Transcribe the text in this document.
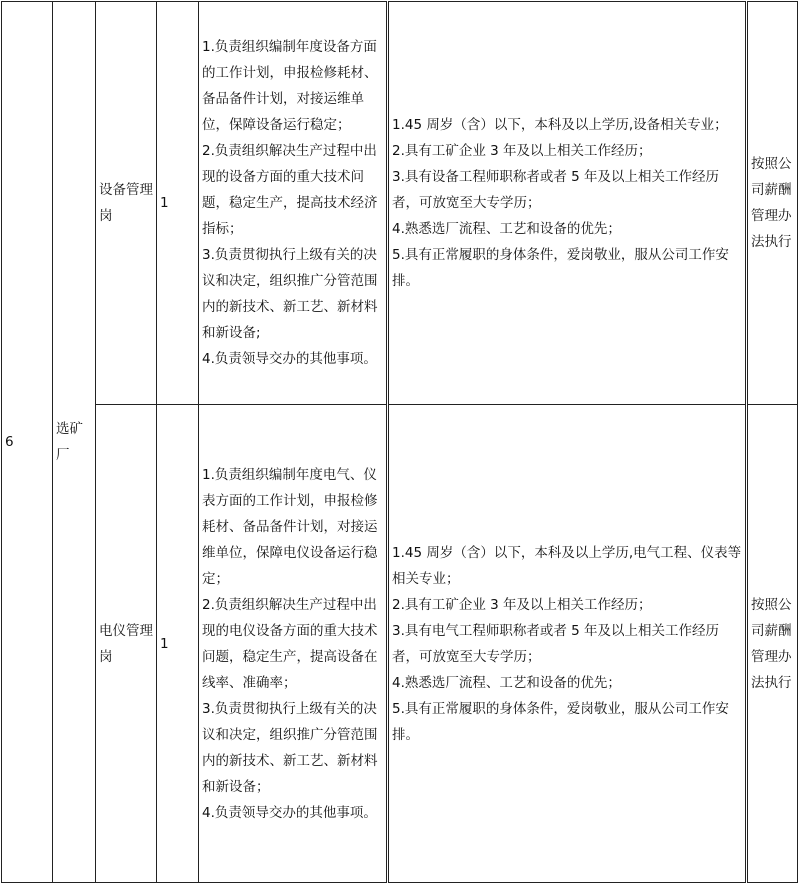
6	选矿厂	设备管理岗	1	1.负责组织编制年度设备方面的工作计划，申报检修耗材、备品备件计划，对接运维单位，保障设备运行稳定；
2.负责组织解决生产过程中出现的设备方面的重大技术问题，稳定生产，提高技术经济指标；
3.负责贯彻执行上级有关的决议和决定，组织推广分管范围内的新技术、新工艺、新材料和新设备;
4.负责领导交办的其他事项。	1.45 周岁（含）以下，本科及以上学历,设备相关专业；
2.具有工矿企业 3 年及以上相关工作经历；
3.具有设备工程师职称者或者 5 年及以上相关工作经历者，可放宽至大专学历；
4.熟悉选厂流程、工艺和设备的优先；
5.具有正常履职的身体条件，爱岗敬业，服从公司工作安排。	按照公司薪酬管理办法执行
		电仪管理岗	1	1.负责组织编制年度电气、仪表方面的工作计划，申报检修耗材、备品备件计划，对接运维单位，保障电仪设备运行稳定；
2.负责组织解决生产过程中出现的电仪设备方面的重大技术问题，稳定生产，提高设备在线率、准确率；
3.负责贯彻执行上级有关的决议和决定，组织推广分管范围内的新技术、新工艺、新材料和新设备；
4.负责领导交办的其他事项。	1.45 周岁（含）以下，本科及以上学历,电气工程、仪表等相关专业；
2.具有工矿企业 3 年及以上相关工作经历；
3.具有电气工程师职称者或者 5 年及以上相关工作经历者，可放宽至大专学历；
4.熟悉选厂流程、工艺和设备的优先；
5.具有正常履职的身体条件，爱岗敬业，服从公司工作安排。	按照公司薪酬管理办法执行
